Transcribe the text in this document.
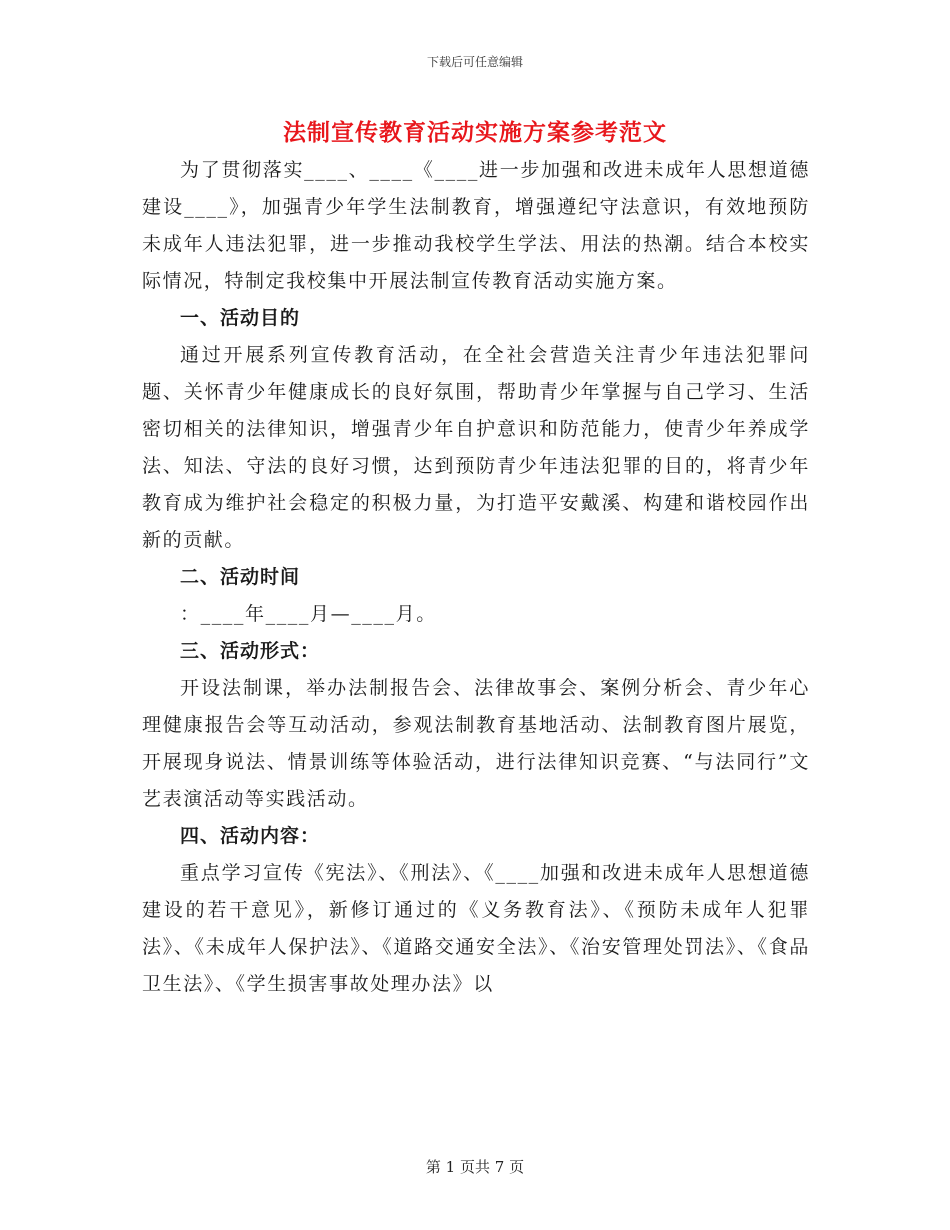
下载后可任意编辑
法制宣传教育活动实施方案参考范文

为了贯彻落实____、____《____进一步加强和改进未成年人思想道德建设____》，加强青少年学生法制教育，增强遵纪守法意识，有效地预防未成年人违法犯罪，进一步推动我校学生学法、用法的热潮。结合本校实际情况，特制定我校集中开展法制宣传教育活动实施方案。

一、活动目的

通过开展系列宣传教育活动，在全社会营造关注青少年违法犯罪问题、关怀青少年健康成长的良好氛围，帮助青少年掌握与自己学习、生活密切相关的法律知识，增强青少年自护意识和防范能力，使青少年养成学法、知法、守法的良好习惯，达到预防青少年违法犯罪的目的，将青少年教育成为维护社会稳定的积极力量，为打造平安戴溪、构建和谐校园作出新的贡献。

二、活动时间

：____年____月—____月。

三、活动形式：

开设法制课，举办法制报告会、法律故事会、案例分析会、青少年心理健康报告会等互动活动，参观法制教育基地活动、法制教育图片展览，开展现身说法、情景训练等体验活动，进行法律知识竞赛、“与法同行”文艺表演活动等实践活动。

四、活动内容：

重点学习宣传《宪法》、《刑法》、《____加强和改进未成年人思想道德建设的若干意见》，新修订通过的《义务教育法》、《预防未成年人犯罪法》、《未成年人保护法》、《道路交通安全法》、《治安管理处罚法》、《食品卫生法》、《学生损害事故处理办法》以

第 1 页共 7 页
